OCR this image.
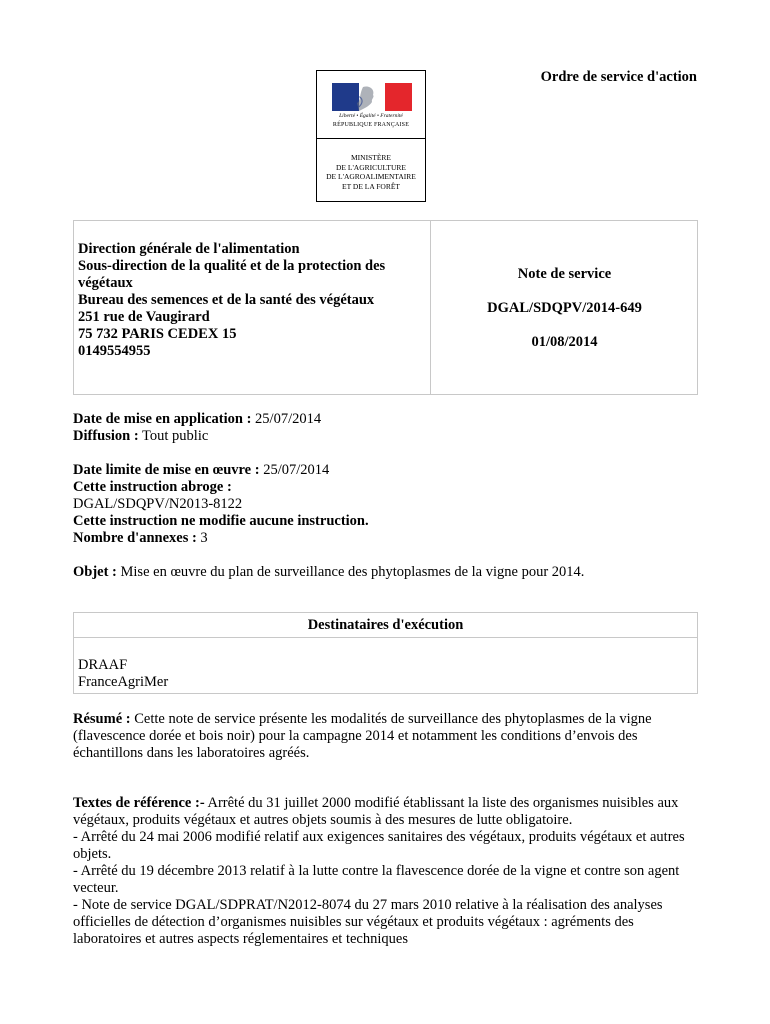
Ordre de service d'action
Liberté • Égalité • Fraternité
RÉPUBLIQUE FRANÇAISE
MINISTÈRE
DE L'AGRICULTURE
DE L'AGROALIMENTAIRE
ET DE LA FORÊT
Direction générale de l'alimentation
Sous-direction de la qualité et de la protection des végétaux
Bureau des semences et de la santé des végétaux
251 rue de Vaugirard
75 732 PARIS CEDEX 15
0149554955
Note de service
DGAL/SDQPV/2014-649
01/08/2014
Date de mise en application : 25/07/2014
Diffusion : Tout public
Date limite de mise en œuvre : 25/07/2014
Cette instruction abroge :
DGAL/SDQPV/N2013-8122
Cette instruction ne modifie aucune instruction.
Nombre d'annexes : 3
Objet : Mise en œuvre du plan de surveillance des phytoplasmes de la vigne pour 2014.
Destinataires d'exécution
DRAAF
FranceAgriMer
Résumé : Cette note de service présente les modalités de surveillance des phytoplasmes de la vigne (flavescence dorée et bois noir) pour la campagne 2014 et notamment les conditions d’envois des échantillons dans les laboratoires agréés.
Textes de référence :- Arrêté du 31 juillet 2000 modifié établissant la liste des organismes nuisibles aux végétaux, produits végétaux et autres objets soumis à des mesures de lutte obligatoire.
- Arrêté du 24 mai 2006 modifié relatif aux exigences sanitaires des végétaux, produits végétaux et autres objets.
- Arrêté du 19 décembre 2013 relatif à la lutte contre la flavescence dorée de la vigne et contre son agent vecteur.
- Note de service DGAL/SDPRAT/N2012-8074 du 27 mars 2010 relative à la réalisation des analyses officielles de détection d’organismes nuisibles sur végétaux et produits végétaux : agréments des laboratoires et autres aspects réglementaires et techniques
